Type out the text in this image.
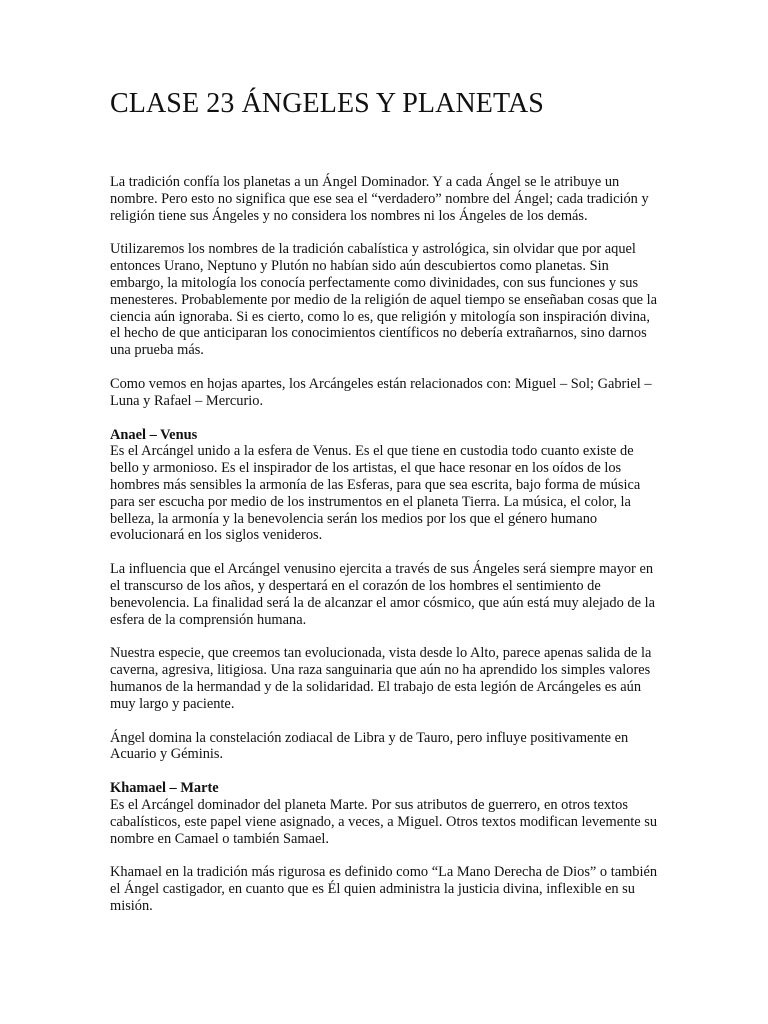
CLASE 23 ÁNGELES Y PLANETAS

La tradición confía los planetas a un Ángel Dominador. Y a cada Ángel se le atribuye un nombre. Pero esto no significa que ese sea el “verdadero” nombre del Ángel; cada tradición y religión tiene sus Ángeles y no considera los nombres ni los Ángeles de los demás.

Utilizaremos los nombres de la tradición cabalística y astrológica, sin olvidar que por aquel entonces Urano, Neptuno y Plutón no habían sido aún descubiertos como planetas. Sin embargo, la mitología los conocía perfectamente como divinidades, con sus funciones y sus menesteres. Probablemente por medio de la religión de aquel tiempo se enseñaban cosas que la ciencia aún ignoraba. Si es cierto, como lo es, que religión y mitología son inspiración divina, el hecho de que anticiparan los conocimientos científicos no debería extrañarnos, sino darnos una prueba más.

Como vemos en hojas apartes, los Arcángeles están relacionados con: Miguel – Sol; Gabriel – Luna y Rafael – Mercurio.

Anael – Venus
Es el Arcángel unido a la esfera de Venus. Es el que tiene en custodia todo cuanto existe de bello y armonioso. Es el inspirador de los artistas, el que hace resonar en los oídos de los hombres más sensibles la armonía de las Esferas, para que sea escrita, bajo forma de música para ser escucha por medio de los instrumentos en el planeta Tierra. La música, el color, la belleza, la armonía y la benevolencia serán los medios por los que el género humano evolucionará en los siglos venideros.

La influencia que el Arcángel venusino ejercita a través de sus Ángeles será siempre mayor en el transcurso de los años, y despertará en el corazón de los hombres el sentimiento de benevolencia. La finalidad será la de alcanzar el amor cósmico, que aún está muy alejado de la esfera de la comprensión humana.

Nuestra especie, que creemos tan evolucionada, vista desde lo Alto, parece apenas salida de la caverna, agresiva, litigiosa. Una raza sanguinaria que aún no ha aprendido los simples valores humanos de la hermandad y de la solidaridad. El trabajo de esta legión de Arcángeles es aún muy largo y paciente.

Ángel domina la constelación zodiacal de Libra y de Tauro, pero influye positivamente en Acuario y Géminis.

Khamael – Marte
Es el Arcángel dominador del planeta Marte. Por sus atributos de guerrero, en otros textos cabalísticos, este papel viene asignado, a veces, a Miguel. Otros textos modifican levemente su nombre en Camael o también Samael.

Khamael en la tradición más rigurosa es definido como “La Mano Derecha de Dios” o también el Ángel castigador, en cuanto que es Él quien administra la justicia divina, inflexible en su misión.
